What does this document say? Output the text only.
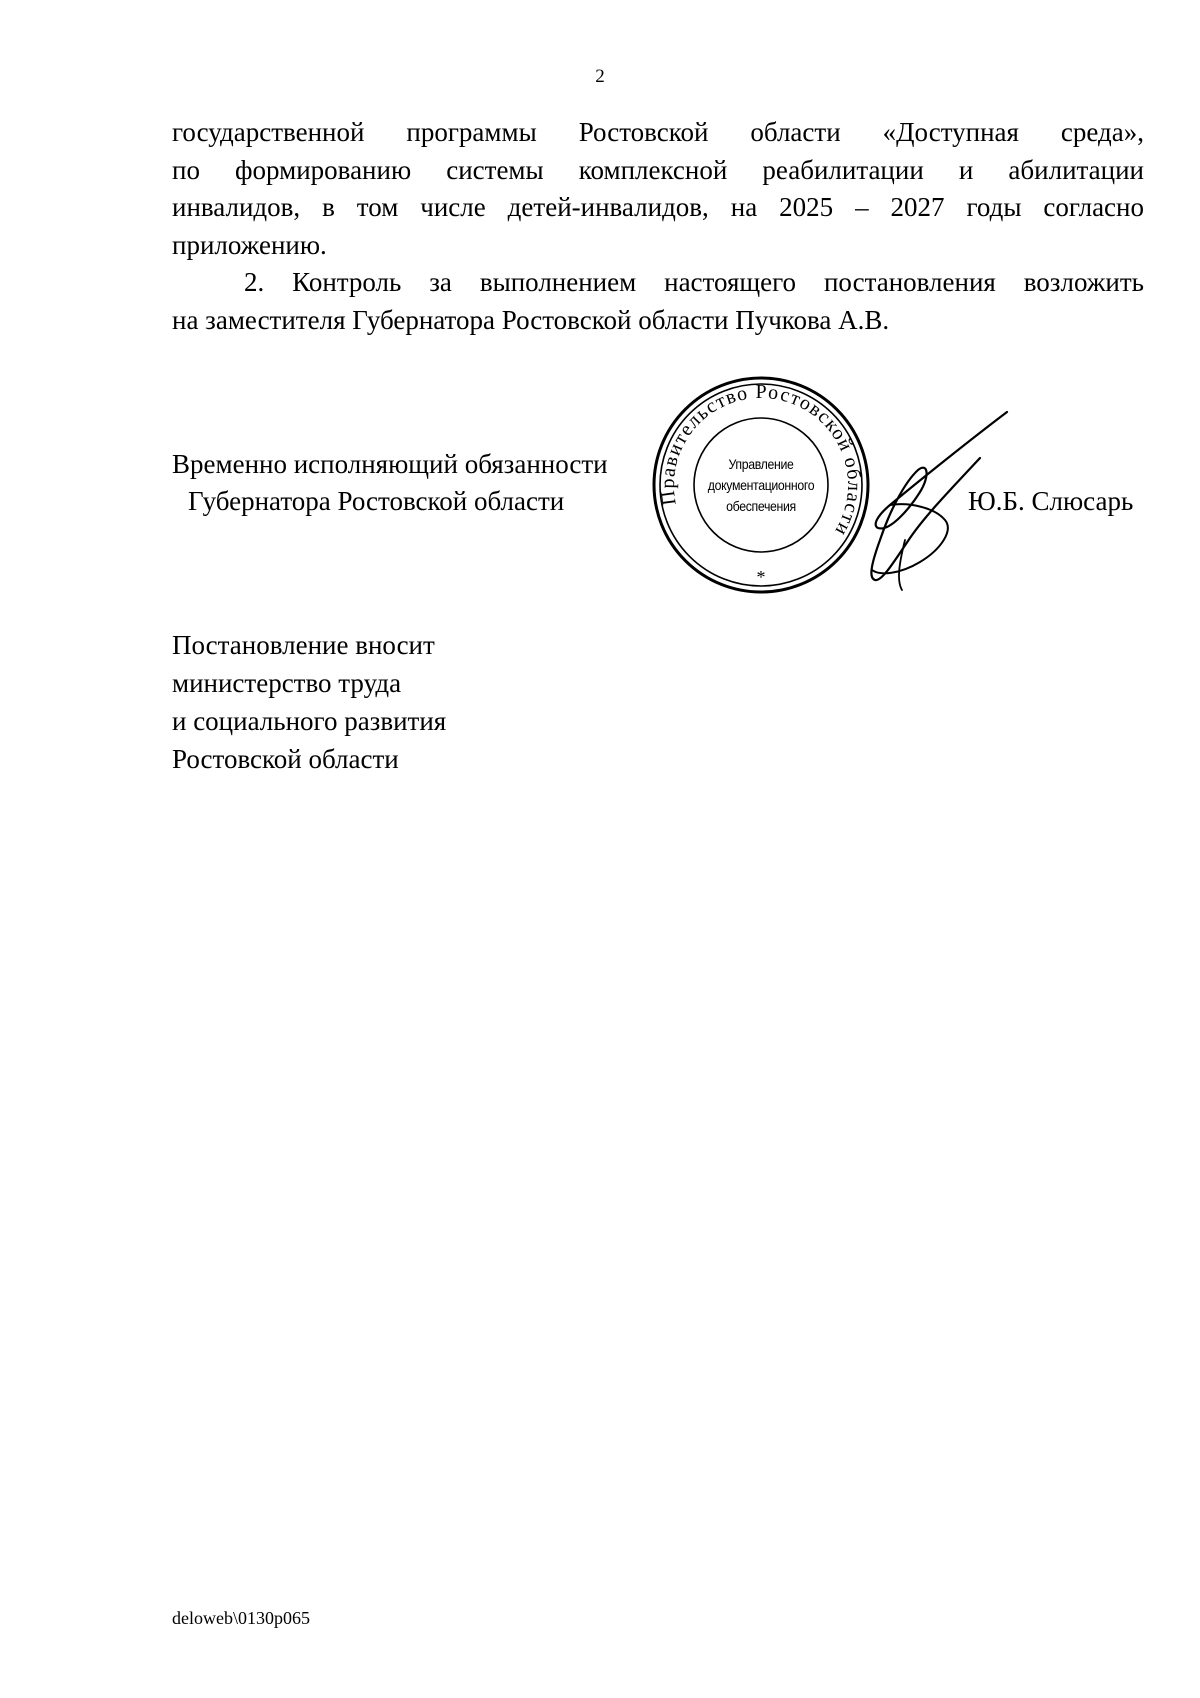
2

государственной программы Ростовской области «Доступная среда»,

по формированию системы комплексной реабилитации и абилитации

инвалидов, в том числе детей-инвалидов, на 2025 – 2027 годы согласно

приложению.

2. Контроль за выполнением настоящего постановления возложить

на заместителя Губернатора Ростовской области Пучкова А.В.

Временно исполняющий обязанности
Губернатора Ростовской области	Правительство Ростовской области
*
Управление
документационного
обеспечения	Ю.Б. Слюсарь
Постановление вносит
министерство труда
и социального развития
Ростовской области
deloweb\0130p065
